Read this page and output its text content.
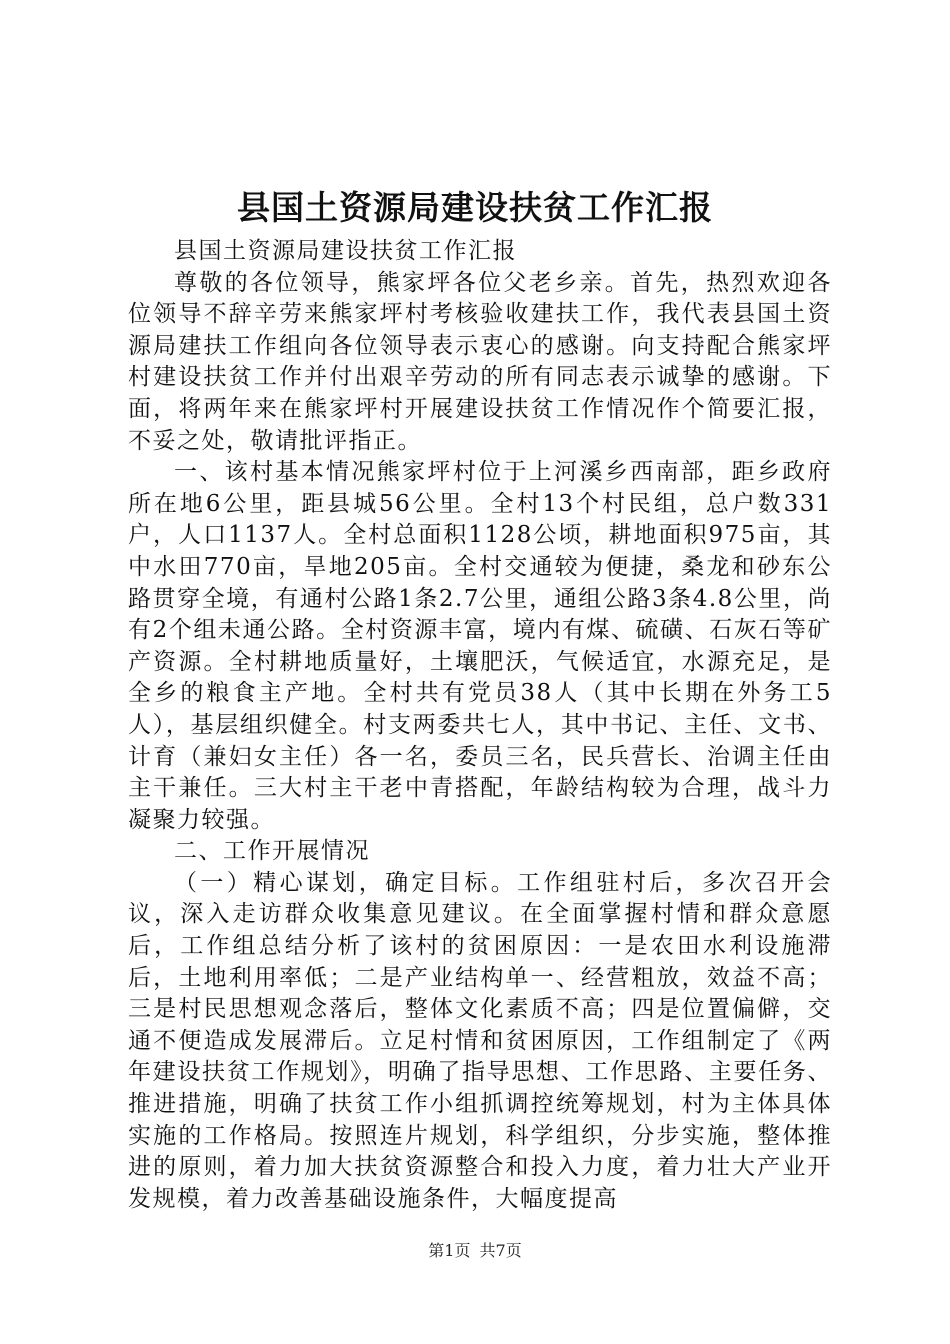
县国土资源局建设扶贫工作汇报

县国土资源局建设扶贫工作汇报

尊敬的各位领导，熊家坪各位父老乡亲。首先，热烈欢迎各位领导不辞辛劳来熊家坪村考核验收建扶工作，我代表县国土资源局建扶工作组向各位领导表示衷心的感谢。向支持配合熊家坪村建设扶贫工作并付出艰辛劳动的所有同志表示诚挚的感谢。下面，将两年来在熊家坪村开展建设扶贫工作情况作个简要汇报，不妥之处，敬请批评指正。

一、该村基本情况熊家坪村位于上河溪乡西南部，距乡政府所在地6公里，距县城56公里。全村13个村民组，总户数331户，人口1137人。全村总面积1128公顷，耕地面积975亩，其中水田770亩，旱地205亩。全村交通较为便捷，桑龙和砂东公路贯穿全境，有通村公路1条2.7公里，通组公路3条4.8公里，尚有2个组未通公路。全村资源丰富，境内有煤、硫磺、石灰石等矿产资源。全村耕地质量好，土壤肥沃，气候适宜，水源充足，是全乡的粮食主产地。全村共有党员38人（其中长期在外务工5人），基层组织健全。村支两委共七人，其中书记、主任、文书、计育（兼妇女主任）各一名，委员三名，民兵营长、治调主任由主干兼任。三大村主干老中青搭配，年龄结构较为合理，战斗力凝聚力较强。

二、工作开展情况

（一）精心谋划，确定目标。工作组驻村后，多次召开会议，深入走访群众收集意见建议。在全面掌握村情和群众意愿后，工作组总结分析了该村的贫困原因：一是农田水利设施滞后，土地利用率低；二是产业结构单一、经营粗放，效益不高；三是村民思想观念落后，整体文化素质不高；四是位置偏僻，交通不便造成发展滞后。立足村情和贫困原因，工作组制定了《两年建设扶贫工作规划》，明确了指导思想、工作思路、主要任务、推进措施，明确了扶贫工作小组抓调控统筹规划，村为主体具体实施的工作格局。按照连片规划，科学组织，分步实施，整体推进的原则，着力加大扶贫资源整合和投入力度，着力壮大产业开发规模，着力改善基础设施条件，大幅度提高

第1页 共7页
